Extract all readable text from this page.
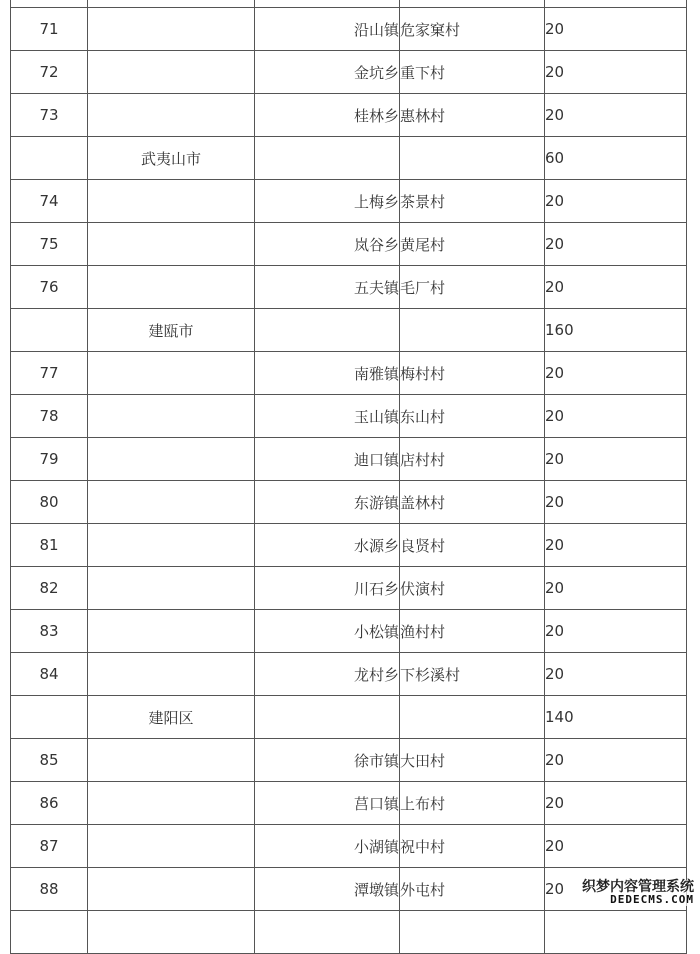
71		沿山镇	危家窠村	20
72		金坑乡	重下村	20
73		桂林乡	惠林村	20
	武夷山市			60
74		上梅乡	茶景村	20
75		岚谷乡	黄尾村	20
76		五夫镇	毛厂村	20
	建瓯市			160
77		南雅镇	梅村村	20
78		玉山镇	东山村	20
79		迪口镇	店村村	20
80		东游镇	盖林村	20
81		水源乡	良贤村	20
82		川石乡	伏演村	20
83		小松镇	渔村村	20
84		龙村乡	下杉溪村	20
	建阳区			140
85		徐市镇	大田村	20
86		莒口镇	上布村	20
87		小湖镇	祝中村	20
88		潭墩镇	外屯村	20
				织梦内容管理系统
DEDECMS.COM
